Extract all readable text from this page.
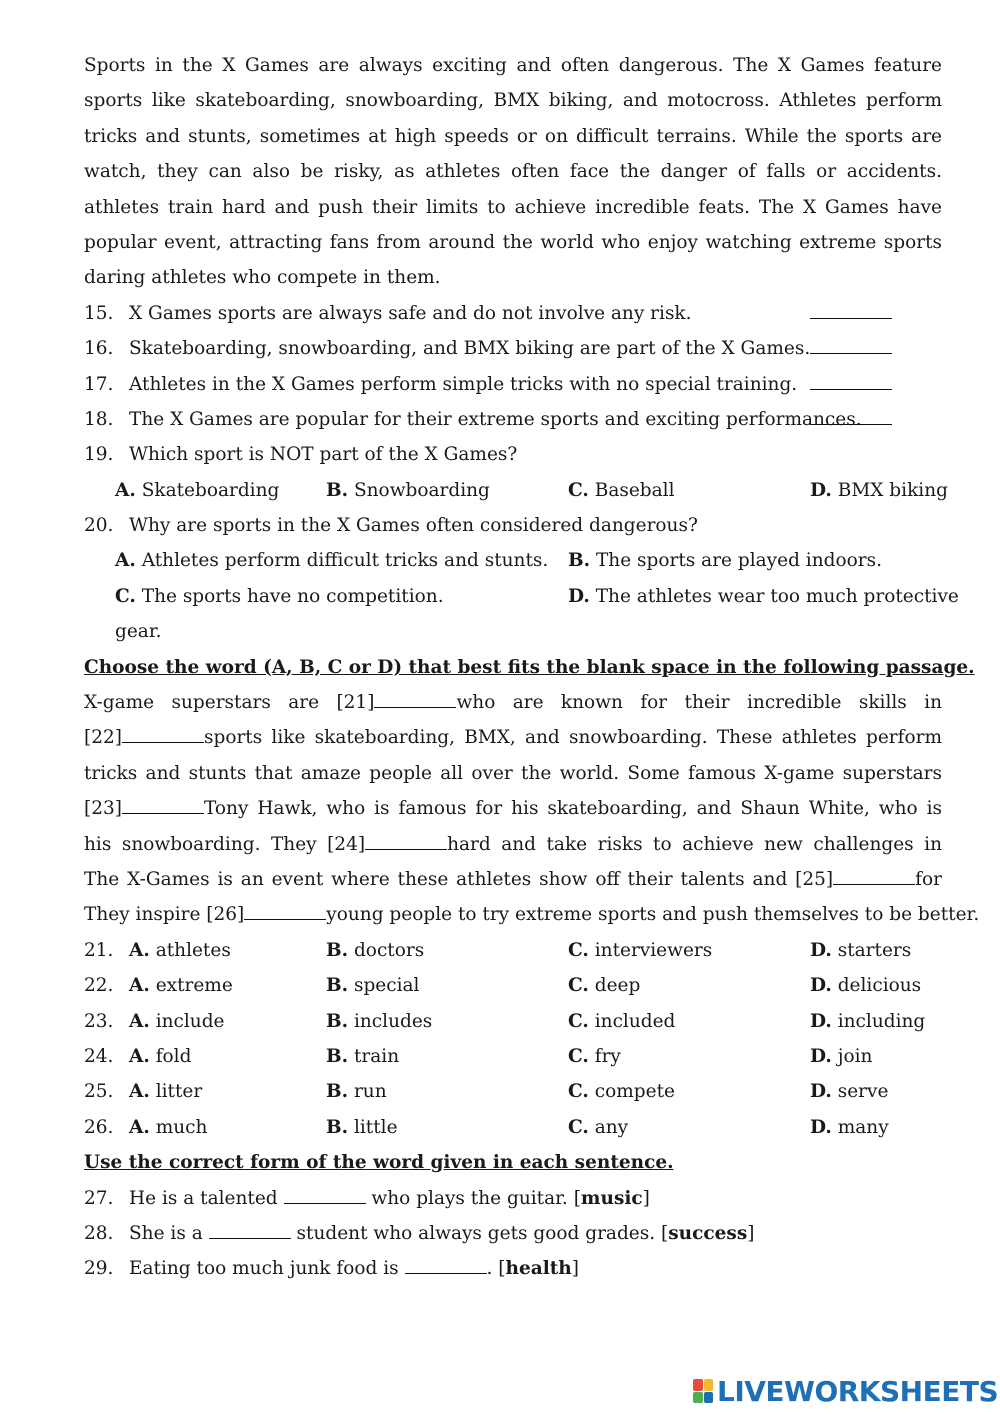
Sports in the X Games are always exciting and often dangerous. The X Games feature
sports like skateboarding, snowboarding, BMX biking, and motocross. Athletes perform
tricks and stunts, sometimes at high speeds or on difficult terrains. While the sports are
watch, they can also be risky, as athletes often face the danger of falls or accidents.
athletes train hard and push their limits to achieve incredible feats. The X Games have
popular event, attracting fans from around the world who enjoy watching extreme sports
daring athletes who compete in them.
15. X Games sports are always safe and do not involve any risk.
16. Skateboarding, snowboarding, and BMX biking are part of the X Games.
17. Athletes in the X Games perform simple tricks with no special training.
18. The X Games are popular for their extreme sports and exciting performances.
19. Which sport is NOT part of the X Games?
A. Skateboarding	B. Snowboarding	C. Baseball	D. BMX biking
20. Why are sports in the X Games often considered dangerous?
A. Athletes perform difficult tricks and stunts. B. The sports are played indoors.
C. The sports have no competition.	D. The athletes wear too much protective
gear.
Choose the word (A, B, C or D) that best fits the blank space in the following passage.
X-game superstars are [21]	who are known for their incredible skills in
[22]	sports like skateboarding, BMX, and snowboarding. These athletes perform
tricks and stunts that amaze people all over the world. Some famous X-game superstars
[23]	Tony Hawk, who is famous for his skateboarding, and Shaun White, who is
his snowboarding. They [24]	hard and take risks to achieve new challenges in
The X-Games is an event where these athletes show off their talents and [25]	for
They inspire [26]	young people to try extreme sports and push themselves to be better.
21. A. athletes	B. doctors	C. interviewers	D. starters
22. A. extreme	B. special	C. deep	D. delicious
23. A. include	B. includes	C. included	D. including
24. A. fold	B. train	C. fry	D. join
25. A. litter	B. run	C. compete	D. serve
26. A. much	B. little	C. any	D. many
Use the correct form of the word given in each sentence.
27. He is a talented	who plays the guitar. [music]
28. She is a	student who always gets good grades. [success]
29. Eating too much junk food is	. [health]
LIVEWORKSHEETS
